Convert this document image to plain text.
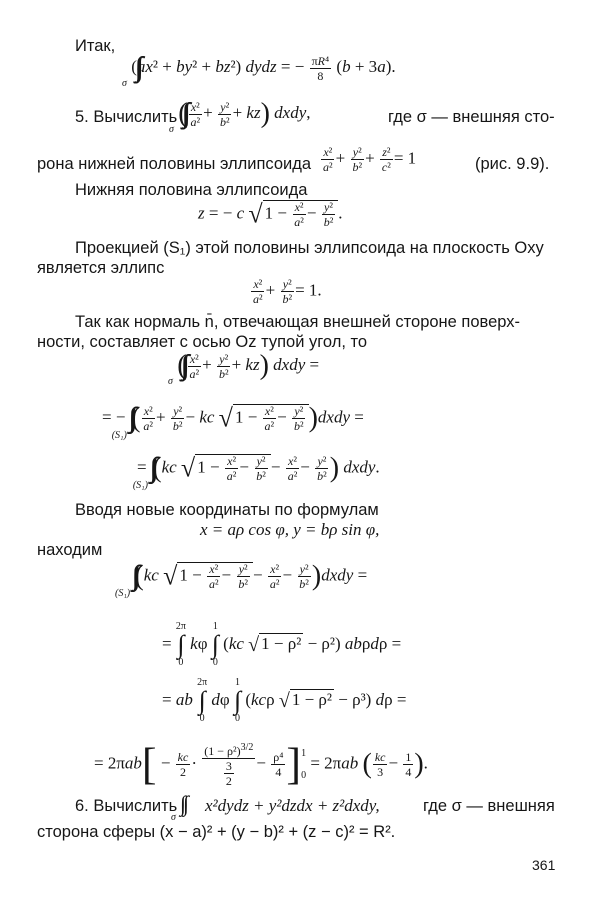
Итак,
$_\sigma$ (ax² + by² + bz²) dydz = − $\frac{\text{πR⁴}}{8} (b + 3a)$.
5. Вычислить
$_\sigma$ ( $\frac{\text{x²}}{\text{a²}} + \frac{\text{y²}}{\text{b²}} + kz$) dxdy,	где σ — внешняя сто-
рона нижней половины эллипсоида $\frac{\text{x²}}{\text{a²}} + \frac{\text{y²}}{\text{b²}} + \frac{\text{z²}}{\text{c²}} = 1$	(рис. 9.9).
Нижняя половина эллипсоида
z = − c √ $1 - \frac{\text{x²}}{\text{a²}} - \frac{\text{y²}}{\text{b²}}$ .
Проекцией (S₁) этой половины эллипсоида на плоскость Oxy
является эллипс
$\frac{\text{x²}}{\text{a²}} + \frac{\text{y²}}{\text{b²}} = 1$.
Так как нормаль n̄, отвечающая внешней стороне поверх-
ности, составляет с осью Oz тупой угол, то
$_\sigma$ ( $\frac{\text{x²}}{\text{a²}} + \frac{\text{y²}}{\text{b²}} + kz$) dxdy =
= − $_{(S_1)}$ ( $\frac{\text{x²}}{\text{a²}} + \frac{\text{y²}}{\text{b²}}$ − kc √ $1 - \frac{\text{x²}}{\text{a²}} - \frac{\text{y²}}{\text{b²}}$ )dxdy =
= $_{(S_1)}$ (kc √ $1 - \frac{\text{x²}}{\text{a²}} - \frac{\text{y²}}{\text{b²}} - \frac{\text{x²}}{\text{a²}} - \frac{\text{y²}}{\text{b²}}$ ) dxdy.
Вводя новые координаты по формулам
x = aρ cos φ, y = bρ sin φ,
находим
$_{(S_1)}$ (kc √ $1 - \frac{\text{x²}}{\text{a²}} - \frac{\text{y²}}{\text{b²}} - \frac{\text{x²}}{\text{a²}} - \frac{\text{y²}}{\text{b²}}$ )dxdy =
= 2π
∫
0 kφ 1
∫
0 (kc √ 1 − ρ² − ρ²) abρdρ =
= ab 2π
∫
0 dφ 1
∫
0 (kcρ √ 1 − ρ² − ρ³) dρ =
= $2\pi ab[ - \frac{kc}{2} \cdot \frac{(1 - \rho^2)^{3/2}}{\frac{3}{2}} - \frac{\text{ρ⁴}}{4} ]1$
0 = 2πab ( $\frac{kc}{3} - \frac{1}{4}$ ).
6. Вычислить
$_\sigma$
x²dydz + y²dzdx + z²dxdy,	где σ — внешняя
сторона сферы (x − a)² + (y − b)² + (z − c)² = R².
361
